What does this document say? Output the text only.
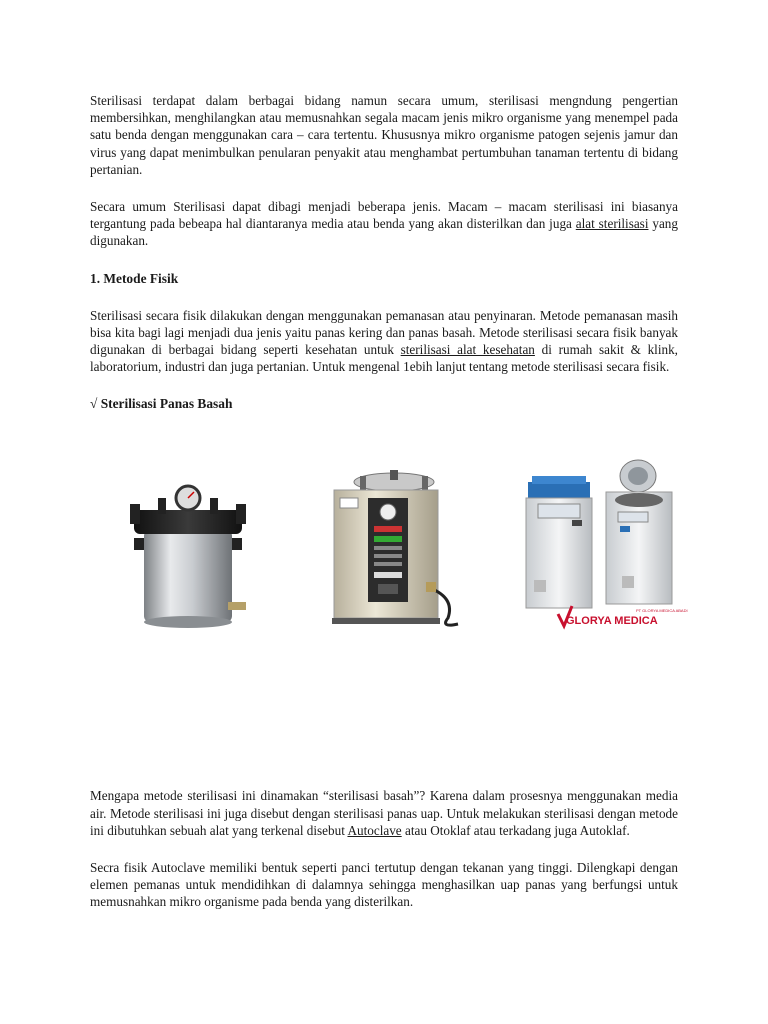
Sterilisasi terdapat dalam berbagai bidang namun secara umum, sterilisasi mengndung pengertian membersihkan, menghilangkan atau memusnahkan segala macam jenis mikro organisme yang menempel pada satu benda dengan menggunakan cara – cara tertentu. Khususnya mikro organisme patogen sejenis jamur dan virus yang dapat menimbulkan penularan penyakit atau menghambat pertumbuhan tanaman tertentu di bidang pertanian.

Secara umum Sterilisasi dapat dibagi menjadi beberapa jenis. Macam – macam sterilisasi ini biasanya tergantung pada bebeapa hal diantaranya media atau benda yang akan disterilkan dan juga alat sterilisasi yang digunakan.

1. Metode Fisik

Sterilisasi secara fisik dilakukan dengan menggunakan pemanasan atau penyinaran. Metode pemanasan masih bisa kita bagi lagi menjadi dua jenis yaitu panas kering dan panas basah. Metode sterilisasi secara fisik banyak digunakan di berbagai bidang seperti kesehatan untuk sterilisasi alat kesehatan di rumah sakit & klink, laboratorium, industri dan juga pertanian. Untuk mengenal 1ebih lanjut tentang metode sterilisasi secara fisik.

√ Sterilisasi Panas Basah
GLORYA MEDICA
PT GLORYA MEDICA ABADI

Mengapa metode sterilisasi ini dinamakan “sterilisasi basah”? Karena dalam prosesnya menggunakan media air. Metode sterilisasi ini juga disebut dengan sterilisasi panas uap. Untuk melakukan sterilisasi dengan metode ini dibutuhkan sebuah alat yang terkenal disebut Autoclave atau Otoklaf atau terkadang juga Autoklaf.

Secra fisik Autoclave memiliki bentuk seperti panci tertutup dengan tekanan yang tinggi. Dilengkapi dengan elemen pemanas untuk mendidihkan di dalamnya sehingga menghasilkan uap panas yang berfungsi untuk memusnahkan mikro organisme pada benda yang disterilkan.
